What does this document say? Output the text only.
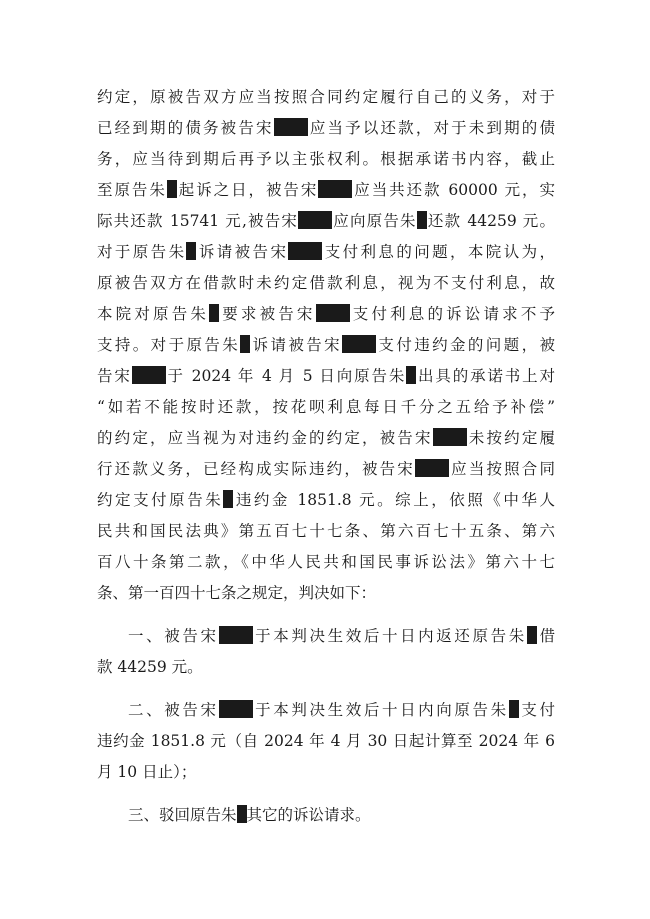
约定，原被告双方应当按照合同约定履行自己的义务，对于
已经到期的债务被告宋 应当予以还款，对于未到期的债
务，应当待到期后再予以主张权利。根据承诺书内容，截止
至原告朱 起诉之日，被告宋 应当共还款 60000 元，实
际共还款 15741 元,被告宋 应向原告朱 还款 44259 元。
对于原告朱 诉请被告宋 支付利息的问题，本院认为，
原被告双方在借款时未约定借款利息，视为不支付利息，故
本院对原告朱 要求被告宋 支付利息的诉讼请求不予
支持。对于原告朱 诉请被告宋 支付违约金的问题，被
告宋 于 2024 年 4 月 5 日向原告朱 出具的承诺书上对
“如若不能按时还款，按花呗利息每日千分之五给予补偿”
的约定，应当视为对违约金的约定，被告宋 未按约定履
行还款义务，已经构成实际违约，被告宋 应当按照合同
约定支付原告朱 违约金 1851.8 元。综上，依照《中华人
民共和国民法典》第五百七十七条、第六百七十五条、第六
百八十条第二款，《中华人民共和国民事诉讼法》第六十七
条、第一百四十七条之规定，判决如下：
一、被告宋 于本判决生效后十日内返还原告朱 借
款 44259 元。
二、被告宋 于本判决生效后十日内向原告朱 支付
违约金 1851.8 元（自 2024 年 4 月 30 日起计算至 2024 年 6
月 10 日止）；
三、驳回原告朱 其它的诉讼请求。
